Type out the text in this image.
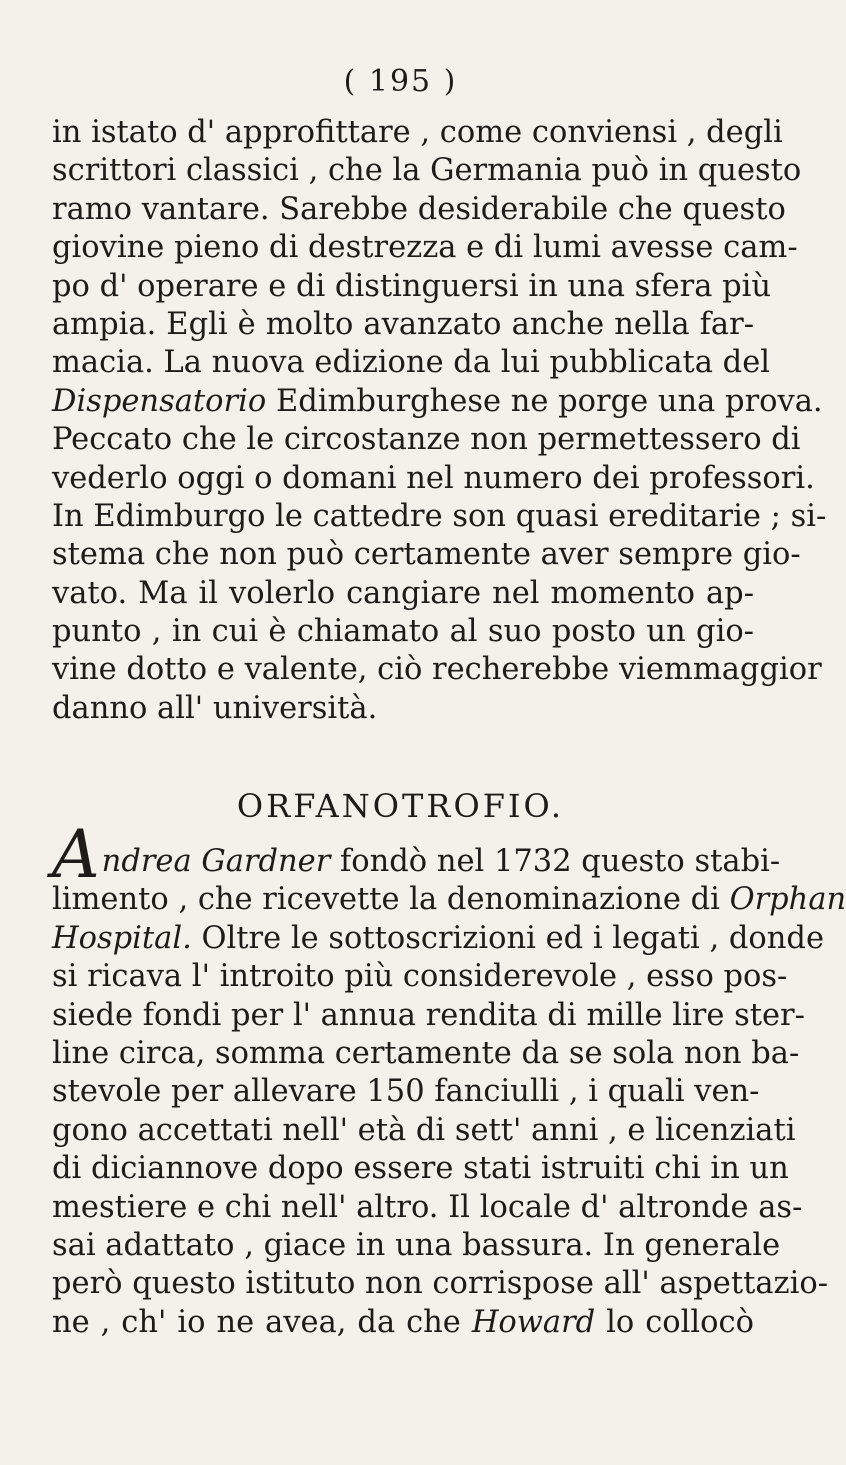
( 195 )
in istato d' approfittare , come conviensi , degli
scrittori classici , che la Germania può in questo
ramo vantare. Sarebbe desiderabile che questo
giovine pieno di destrezza e di lumi avesse cam-
po d' operare e di distinguersi in una sfera più
ampia. Egli è molto avanzato anche nella far-
macia. La nuova edizione da lui pubblicata del
Dispensatorio Edimburghese ne porge una prova.
Peccato che le circostanze non permettessero di
vederlo oggi o domani nel numero dei professori.
In Edimburgo le cattedre son quasi ereditarie ; si-
stema che non può certamente aver sempre gio-
vato. Ma il volerlo cangiare nel momento ap-
punto , in cui è chiamato al suo posto un gio-
vine dotto e valente, ciò recherebbe viemmaggior
danno all' università.
ORFANOTROFIO.
Andrea Gardner fondò nel 1732 questo stabi-
limento , che ricevette la denominazione di Orphan
Hospital. Oltre le sottoscrizioni ed i legati , donde
si ricava l' introito più considerevole , esso pos-
siede fondi per l' annua rendita di mille lire ster-
line circa, somma certamente da se sola non ba-
stevole per allevare 150 fanciulli , i quali ven-
gono accettati nell' età di sett' anni , e licenziati
di diciannove dopo essere stati istruiti chi in un
mestiere e chi nell' altro. Il locale d' altronde as-
sai adattato , giace in una bassura. In generale
però questo istituto non corrispose all' aspettazio-
ne , ch' io ne avea, da che Howard lo collocò
